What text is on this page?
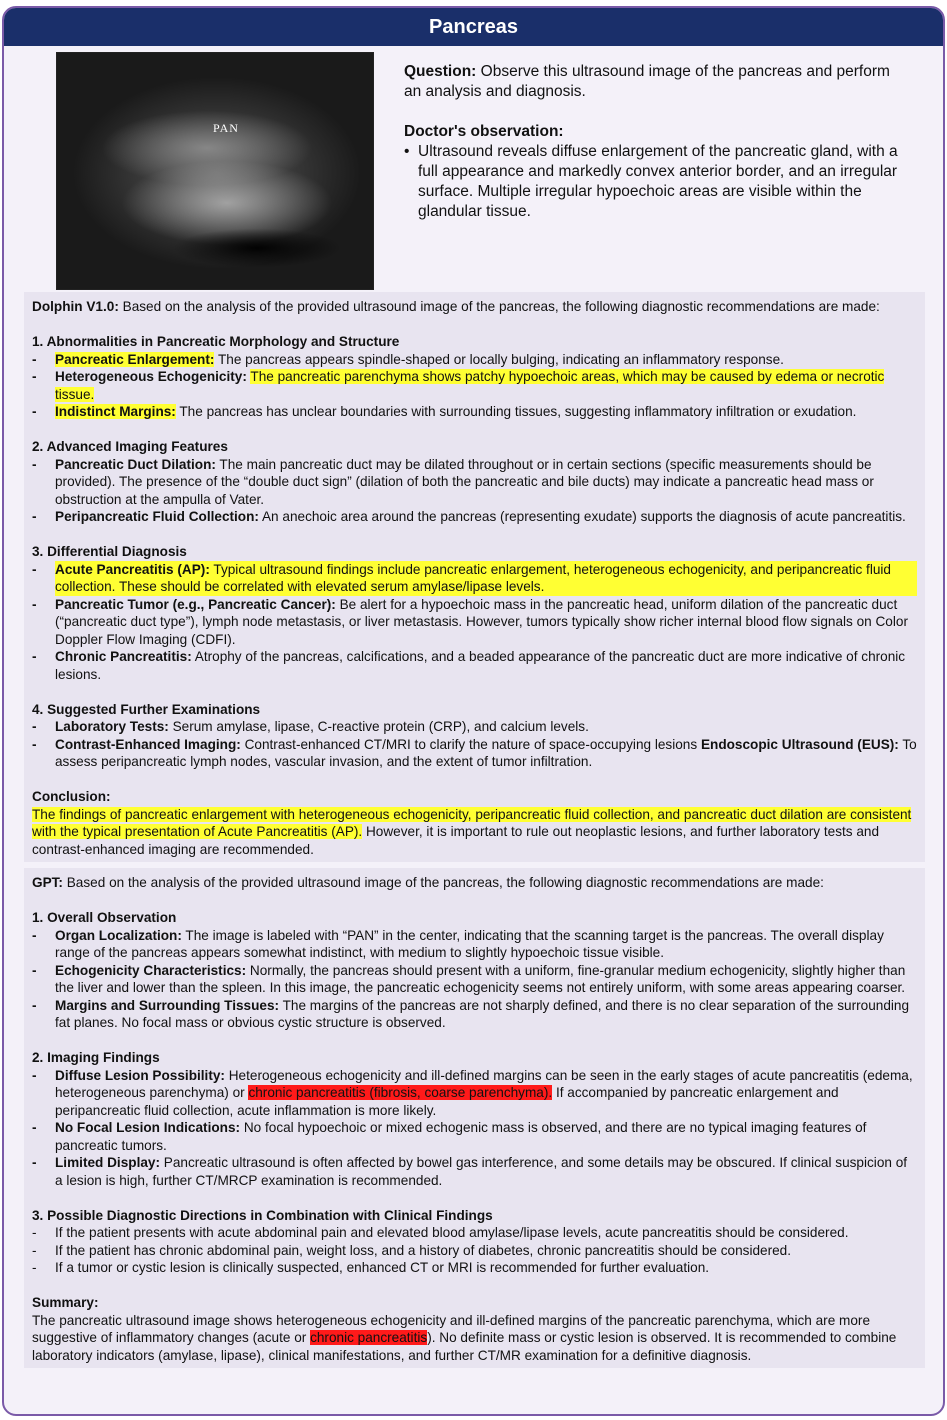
Pancreas
PAN
Question: Observe this ultrasound image of the pancreas and perform an analysis and diagnosis.
Doctor's observation:
• Ultrasound reveals diffuse enlargement of the pancreatic gland, with a full appearance and markedly convex anterior border, and an irregular surface. Multiple irregular hypoechoic areas are visible within the glandular tissue.

Dolphin V1.0: Based on the analysis of the provided ultrasound image of the pancreas, the following diagnostic recommendations are made:

1. Abnormalities in Pancreatic Morphology and Structure
-	Pancreatic Enlargement: The pancreas appears spindle-shaped or locally bulging, indicating an inflammatory response.
-	Heterogeneous Echogenicity: The pancreatic parenchyma shows patchy hypoechoic areas, which may be caused by edema or necrotic tissue.
-	Indistinct Margins: The pancreas has unclear boundaries with surrounding tissues, suggesting inflammatory infiltration or exudation.
2. Advanced Imaging Features
-	Pancreatic Duct Dilation: The main pancreatic duct may be dilated throughout or in certain sections (specific measurements should be provided). The presence of the “double duct sign” (dilation of both the pancreatic and bile ducts) may indicate a pancreatic head mass or obstruction at the ampulla of Vater.
-	Peripancreatic Fluid Collection: An anechoic area around the pancreas (representing exudate) supports the diagnosis of acute pancreatitis.
3. Differential Diagnosis
-	Acute Pancreatitis (AP): Typical ultrasound findings include pancreatic enlargement, heterogeneous echogenicity, and peripancreatic fluid collection. These should be correlated with elevated serum amylase/lipase levels.
-	Pancreatic Tumor (e.g., Pancreatic Cancer): Be alert for a hypoechoic mass in the pancreatic head, uniform dilation of the pancreatic duct (“pancreatic duct type”), lymph node metastasis, or liver metastasis. However, tumors typically show richer internal blood flow signals on Color Doppler Flow Imaging (CDFI).
-	Chronic Pancreatitis: Atrophy of the pancreas, calcifications, and a beaded appearance of the pancreatic duct are more indicative of chronic lesions.
4. Suggested Further Examinations
-	Laboratory Tests: Serum amylase, lipase, C-reactive protein (CRP), and calcium levels.
-	Contrast-Enhanced Imaging: Contrast-enhanced CT/MRI to clarify the nature of space-occupying lesions Endoscopic Ultrasound (EUS): To assess peripancreatic lymph nodes, vascular invasion, and the extent of tumor infiltration.
Conclusion:

The findings of pancreatic enlargement with heterogeneous echogenicity, peripancreatic fluid collection, and pancreatic duct dilation are consistent with the typical presentation of Acute Pancreatitis (AP). However, it is important to rule out neoplastic lesions, and further laboratory tests and contrast-enhanced imaging are recommended.

GPT: Based on the analysis of the provided ultrasound image of the pancreas, the following diagnostic recommendations are made:

1. Overall Observation
-	Organ Localization: The image is labeled with “PAN” in the center, indicating that the scanning target is the pancreas. The overall display range of the pancreas appears somewhat indistinct, with medium to slightly hypoechoic tissue visible.
-	Echogenicity Characteristics: Normally, the pancreas should present with a uniform, fine-granular medium echogenicity, slightly higher than the liver and lower than the spleen. In this image, the pancreatic echogenicity seems not entirely uniform, with some areas appearing coarser.
-	Margins and Surrounding Tissues: The margins of the pancreas are not sharply defined, and there is no clear separation of the surrounding fat planes. No focal mass or obvious cystic structure is observed.
2. Imaging Findings
-	Diffuse Lesion Possibility: Heterogeneous echogenicity and ill-defined margins can be seen in the early stages of acute pancreatitis (edema, heterogeneous parenchyma) or chronic pancreatitis (fibrosis, coarse parenchyma). If accompanied by pancreatic enlargement and peripancreatic fluid collection, acute inflammation is more likely.
-	No Focal Lesion Indications: No focal hypoechoic or mixed echogenic mass is observed, and there are no typical imaging features of pancreatic tumors.
-	Limited Display: Pancreatic ultrasound is often affected by bowel gas interference, and some details may be obscured. If clinical suspicion of a lesion is high, further CT/MRCP examination is recommended.
3. Possible Diagnostic Directions in Combination with Clinical Findings
-	If the patient presents with acute abdominal pain and elevated blood amylase/lipase levels, acute pancreatitis should be considered.
-	If the patient has chronic abdominal pain, weight loss, and a history of diabetes, chronic pancreatitis should be considered.
-	If a tumor or cystic lesion is clinically suspected, enhanced CT or MRI is recommended for further evaluation.
Summary:

The pancreatic ultrasound image shows heterogeneous echogenicity and ill-defined margins of the pancreatic parenchyma, which are more suggestive of inflammatory changes (acute or chronic pancreatitis). No definite mass or cystic lesion is observed. It is recommended to combine laboratory indicators (amylase, lipase), clinical manifestations, and further CT/MR examination for a definitive diagnosis.
